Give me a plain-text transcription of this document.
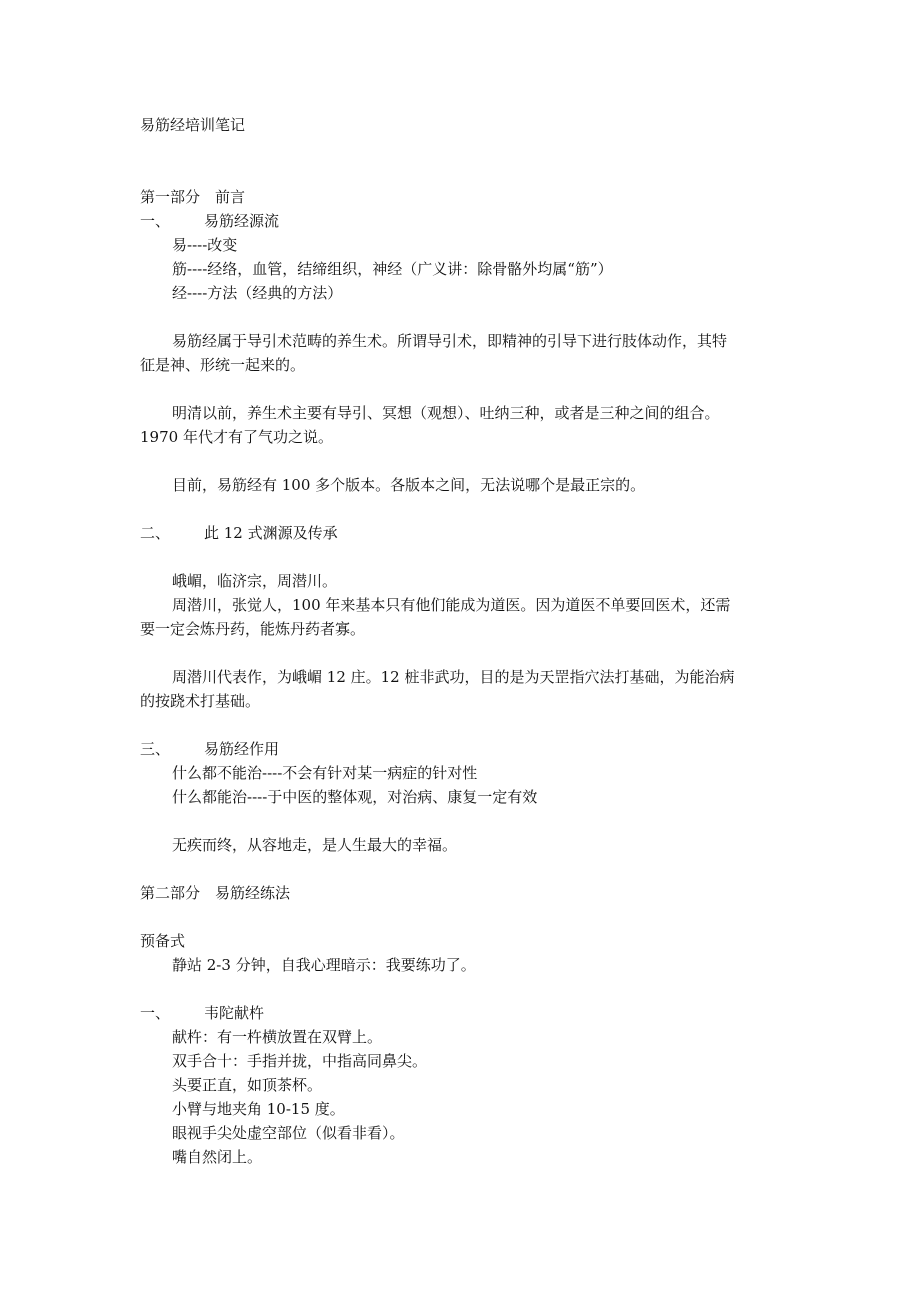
易筋经培训笔记

第一部分　前言

一、 易筋经源流

易----改变

筋----经络，血管，结缔组织，神经（广义讲：除骨骼外均属“筋”）

经----方法（经典的方法）

易筋经属于导引术范畴的养生术。所谓导引术，即精神的引导下进行肢体动作，其特

征是神、形统一起来的。

明清以前，养生术主要有导引、冥想（观想）、吐纳三种，或者是三种之间的组合。

1970 年代才有了气功之说。

目前，易筋经有 100 多个版本。各版本之间，无法说哪个是最正宗的。

二、 此 12 式渊源及传承

峨嵋，临济宗，周潜川。

周潜川，张觉人，100 年来基本只有他们能成为道医。因为道医不单要回医术，还需

要一定会炼丹药，能炼丹药者寡。

周潜川代表作，为峨嵋 12 庄。12 桩非武功，目的是为天罡指穴法打基础，为能治病

的按跷术打基础。

三、 易筋经作用

什么都不能治----不会有针对某一病症的针对性

什么都能治----于中医的整体观，对治病、康复一定有效

无疾而终，从容地走，是人生最大的幸福。

第二部分　易筋经练法

预备式

静站 2-3 分钟，自我心理暗示：我要练功了。

一、 韦陀献杵

献杵：有一杵横放置在双臂上。

双手合十：手指并拢，中指高同鼻尖。

头要正直，如顶茶杯。

小臂与地夹角 10-15 度。

眼视手尖处虚空部位（似看非看）。

嘴自然闭上。
